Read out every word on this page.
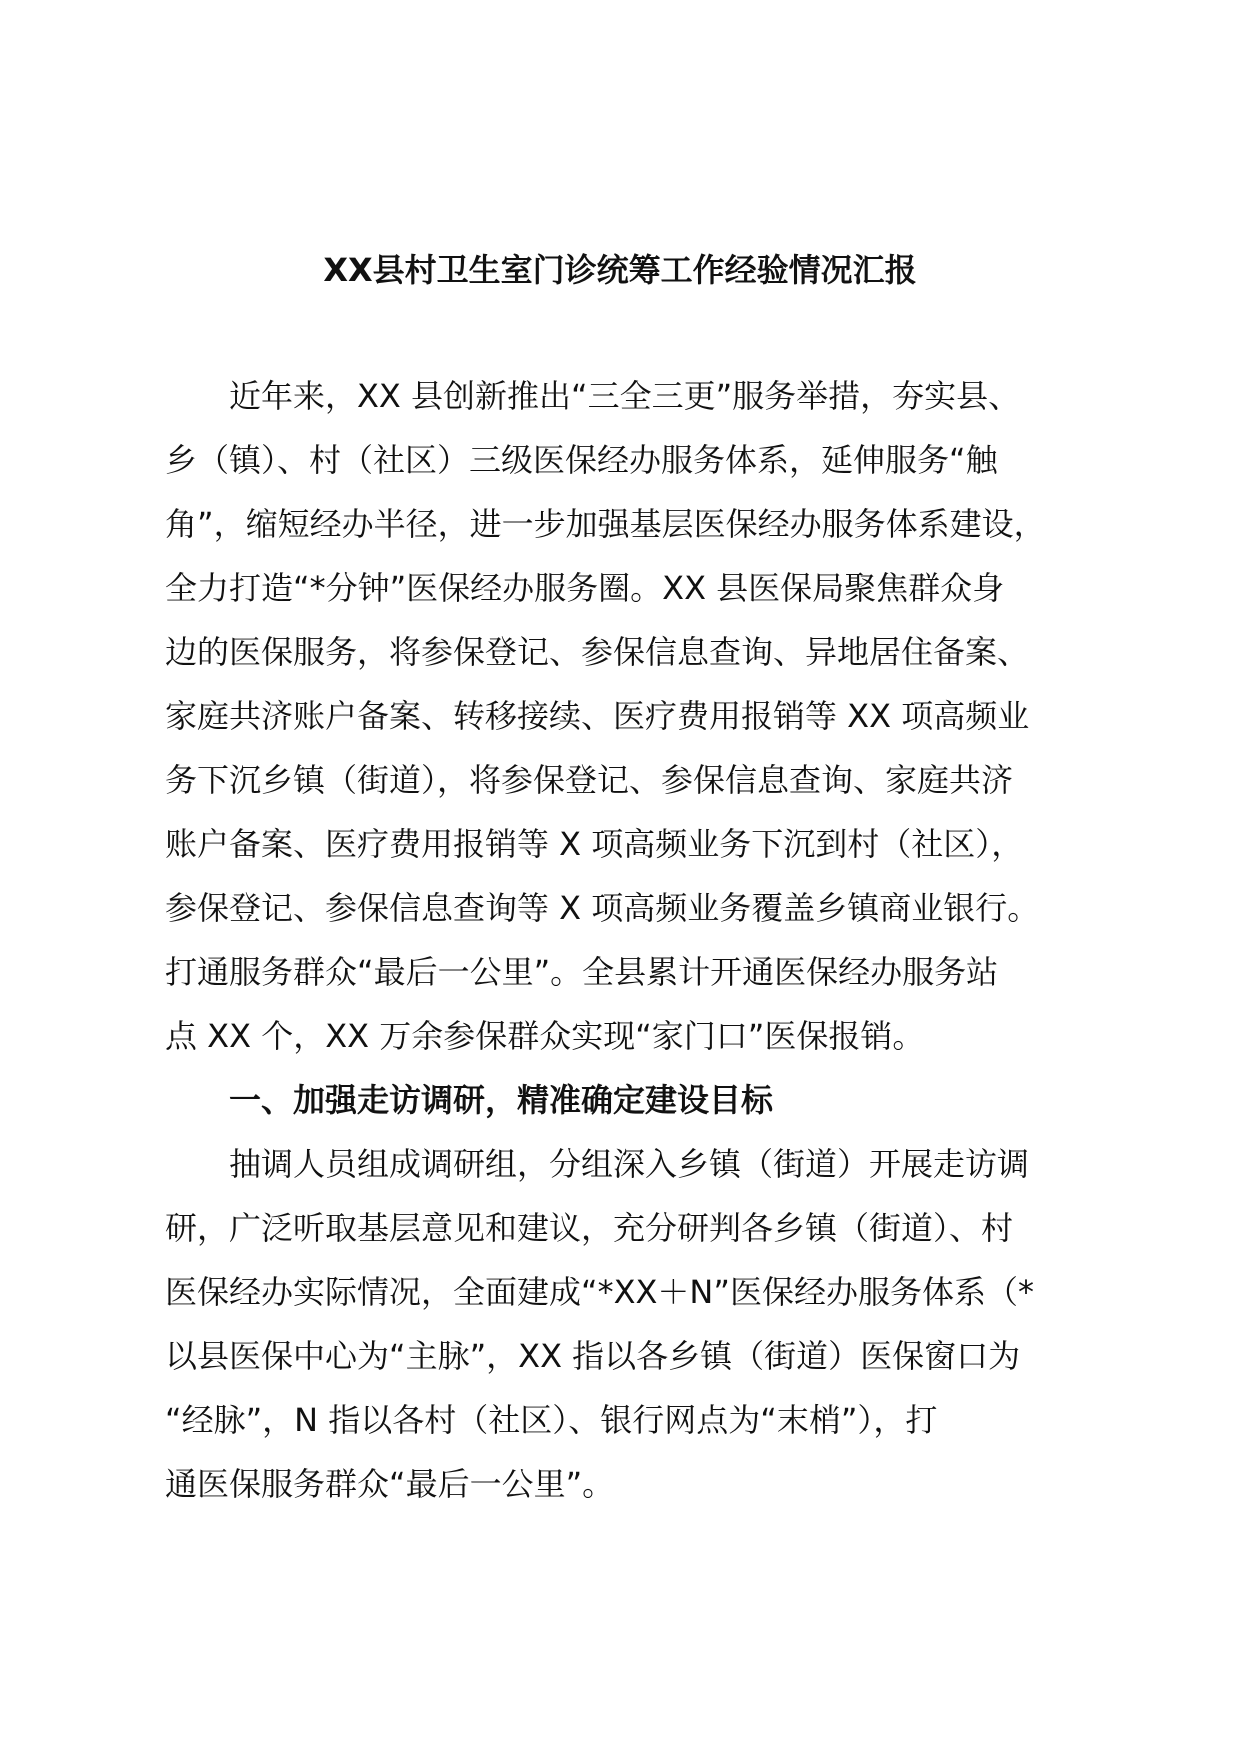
XX县村卫生室门诊统筹工作经验情况汇报
近年来，XX 县创新推出“三全三更”服务举措，夯实县、
乡（镇）、村（社区）三级医保经办服务体系，延伸服务“触
角”，缩短经办半径，进一步加强基层医保经办服务体系建设，
全力打造“*分钟”医保经办服务圈。XX 县医保局聚焦群众身
边的医保服务，将参保登记、参保信息查询、异地居住备案、
家庭共济账户备案、转移接续、医疗费用报销等 XX 项高频业
务下沉乡镇（街道），将参保登记、参保信息查询、家庭共济
账户备案、医疗费用报销等 X 项高频业务下沉到村（社区），
参保登记、参保信息查询等 X 项高频业务覆盖乡镇商业银行。
打通服务群众“最后一公里”。全县累计开通医保经办服务站
点 XX 个，XX 万余参保群众实现“家门口”医保报销。
一、加强走访调研，精准确定建设目标
抽调人员组成调研组，分组深入乡镇（街道）开展走访调
研，广泛听取基层意见和建议，充分研判各乡镇（街道）、村
医保经办实际情况，全面建成“*XX＋N”医保经办服务体系（*
以县医保中心为“主脉”，XX 指以各乡镇（街道）医保窗口为
“经脉”，N 指以各村（社区）、银行网点为“末梢”），打
通医保服务群众“最后一公里”。
